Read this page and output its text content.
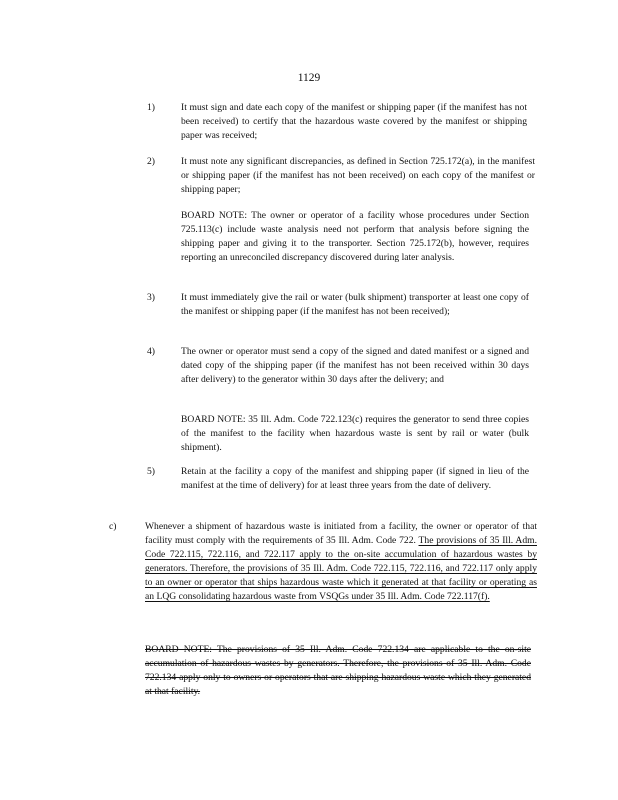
1129
1)	It must sign and date each copy of the manifest or shipping paper (if the manifest has not been received) to certify that the hazardous waste covered by the manifest or shipping paper was received;
2)	It must note any significant discrepancies, as defined in Section 725.172(a), in the manifest or shipping paper (if the manifest has not been received) on each copy of the manifest or shipping paper;
BOARD NOTE: The owner or operator of a facility whose procedures under Section 725.113(c) include waste analysis need not perform that analysis before signing the shipping paper and giving it to the transporter. Section 725.172(b), however, requires reporting an unreconciled discrepancy discovered during later analysis.
3)	It must immediately give the rail or water (bulk shipment) transporter at least one copy of the manifest or shipping paper (if the manifest has not been received);
4)	The owner or operator must send a copy of the signed and dated manifest or a signed and dated copy of the shipping paper (if the manifest has not been received within 30 days after delivery) to the generator within 30 days after the delivery; and
BOARD NOTE: 35 Ill. Adm. Code 722.123(c) requires the generator to send three copies of the manifest to the facility when hazardous waste is sent by rail or water (bulk shipment).
5)	Retain at the facility a copy of the manifest and shipping paper (if signed in lieu of the manifest at the time of delivery) for at least three years from the date of delivery.
c)	Whenever a shipment of hazardous waste is initiated from a facility, the owner or operator of that facility must comply with the requirements of 35 Ill. Adm. Code 722. The provisions of 35 Ill. Adm. Code 722.115, 722.116, and 722.117 apply to the on-site accumulation of hazardous wastes by generators. Therefore, the provisions of 35 Ill. Adm. Code 722.115, 722.116, and 722.117 only apply to an owner or operator that ships hazardous waste which it generated at that facility or operating as an LQG consolidating hazardous waste from VSQGs under 35 Ill. Adm. Code 722.117(f).
BOARD NOTE: The provisions of 35 Ill. Adm. Code 722.134 are applicable to the on-site accumulation of hazardous wastes by generators. Therefore, the provisions of 35 Ill. Adm. Code 722.134 apply only to owners or operators that are shipping hazardous waste which they generated at that facility.
